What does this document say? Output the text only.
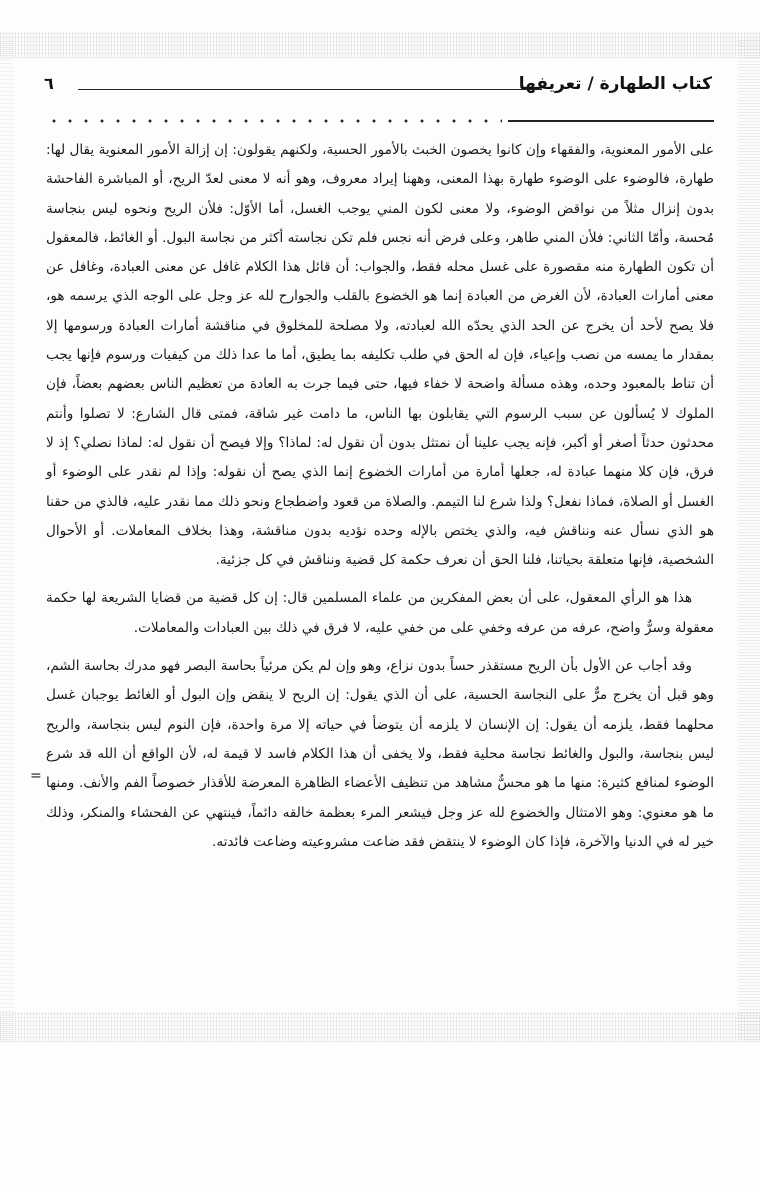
كتاب الطهارة / تعريفها
٦

على الأمور المعنوية، والفقهاء وإن كانوا يخصون الخبث بالأمور الحسية، ولكنهم يقولون: إن إزالة الأمور المعنوية يقال لها: طهارة، فالوضوء على الوضوء طهارة بهذا المعنى، وههنا إيراد معروف، وهو أنه لا معنى لعدّ الريح، أو المباشرة الفاحشة بدون إنزال مثلاً من نواقض الوضوء، ولا معنى لكون المني يوجب الغسل، أما الأوّل: فلأن الريح ونحوه ليس بنجاسة مُحسة، وأمّا الثاني: فلأن المني طاهر، وعلى فرض أنه نجس فلم تكن نجاسته أكثر من نجاسة البول. أو الغائط، فالمعقول أن تكون الطهارة منه مقصورة على غسل محله فقط، والجواب: أن قائل هذا الكلام غافل عن معنى العبادة، وغافل عن معنى أمارات العبادة، لأن الغرض من العبادة إنما هو الخضوع بالقلب والجوارح لله عز وجل على الوجه الذي يرسمه هو، فلا يصح لأحد أن يخرج عن الحد الذي يحدّه الله لعبادته، ولا مصلحة للمخلوق في مناقشة أمارات العبادة ورسومها إلا بمقدار ما يمسه من نصب وإعياء، فإن له الحق في طلب تكليفه بما يطيق، أما ما عدا ذلك من كيفيات ورسوم فإنها يجب أن تناط بالمعبود وحده، وهذه مسألة واضحة لا خفاء فيها، حتى فيما جرت به العادة من تعظيم الناس بعضهم بعضاً، فإن الملوك لا يُسألون عن سبب الرسوم التي يقابلون بها الناس، ما دامت غير شاقة، فمتى قال الشارع: لا تصلوا وأنتم محدثون حدثاً أصغر أو أكبر، فإنه يجب علينا أن نمتثل بدون أن نقول له: لماذا؟ وإلا فيصح أن نقول له: لماذا نصلي؟ إذ لا فرق، فإن كلا منهما عبادة له، جعلها أمارة من أمارات الخضوع إنما الذي يصح أن نقوله: وإذا لم نقدر على الوضوء أو الغسل أو الصلاة، فماذا نفعل؟ ولذا شرع لنا التيمم. والصلاة من قعود واضطجاع ونحو ذلك مما نقدر عليه، فالذي من حقنا هو الذي نسأل عنه ونناقش فيه، والذي يختص بالإله وحده نؤديه بدون مناقشة، وهذا بخلاف المعاملات. أو الأحوال الشخصية، فإنها متعلقة بحياتنا، فلنا الحق أن نعرف حكمة كل قضية ونناقش في كل جزئية.

هذا هو الرأي المعقول، على أن بعض المفكرين من علماء المسلمين قال: إن كل قضية من قضايا الشريعة لها حكمة معقولة وسرٌّ واضح، عرفه من عرفه وخفي على من خفي عليه، لا فرق في ذلك بين العبادات والمعاملات.

وقد أجاب عن الأول بأن الريح مستقذر حساً بدون نزاع، وهو وإن لم يكن مرئياً بحاسة البصر فهو مدرك بحاسة الشم، وهو قبل أن يخرج مرٌّ على النجاسة الحسية، على أن الذي يقول: إن الريح لا ينقض وإن البول أو الغائط يوجبان غسل محلهما فقط، يلزمه أن يقول: إن الإنسان لا يلزمه أن يتوضأ في حياته إلا مرة واحدة، فإن النوم ليس بنجاسة، والريح ليس بنجاسة، والبول والغائط نجاسة محلية فقط، ولا يخفى أن هذا الكلام فاسد لا قيمة له، لأن الواقع أن الله قد شرع الوضوء لمنافع كثيرة: منها ما هو محسٌّ مشاهد من تنظيف الأعضاء الظاهرة المعرضة للأقذار خصوصاً الفم والأنف. ومنها ما هو معنوي: وهو الامتثال والخضوع لله عز وجل فيشعر المرء بعظمة خالقه دائماً، فينتهي عن الفحشاء والمنكر، وذلك خير له في الدنيا والآخرة، فإذا كان الوضوء لا ينتقض فقد ضاعت مشروعيته وضاعت فائدته.

=
